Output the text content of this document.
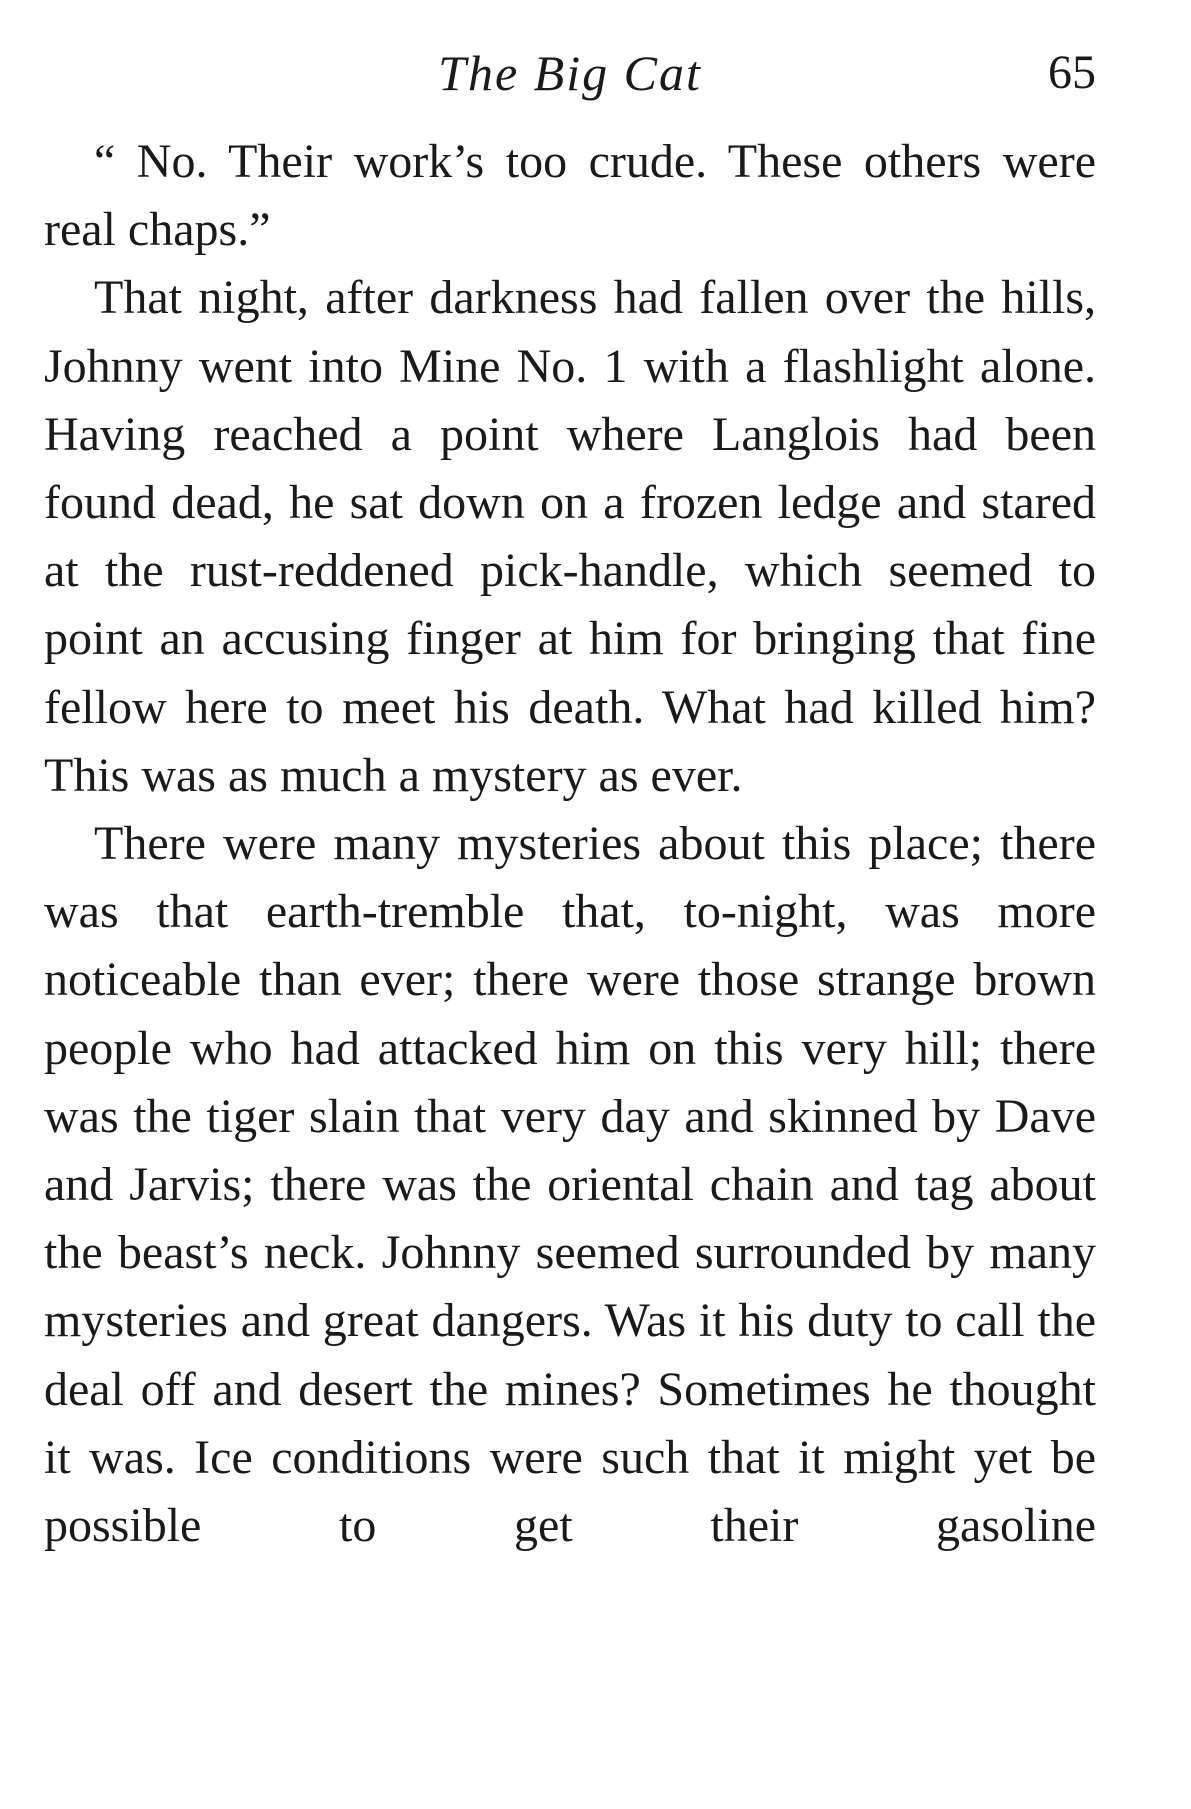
The Big Cat	65

“ No. Their work’s too crude. These others were real chaps.”

That night, after darkness had fallen over the hills, Johnny went into Mine No. 1 with a flashlight alone. Having reached a point where Langlois had been found dead, he sat down on a frozen ledge and stared at the rust-reddened pick-handle, which seemed to point an accusing finger at him for bringing that fine fellow here to meet his death. What had killed him? This was as much a mystery as ever.

There were many mysteries about this place; there was that earth-tremble that, to-night, was more noticeable than ever; there were those strange brown people who had attacked him on this very hill; there was the tiger slain that very day and skinned by Dave and Jarvis; there was the oriental chain and tag about the beast’s neck. Johnny seemed surrounded by many mysteries and great dangers. Was it his duty to call the deal off and desert the mines? Sometimes he thought it was. Ice conditions were such that it might yet be possible to get their gasoline
